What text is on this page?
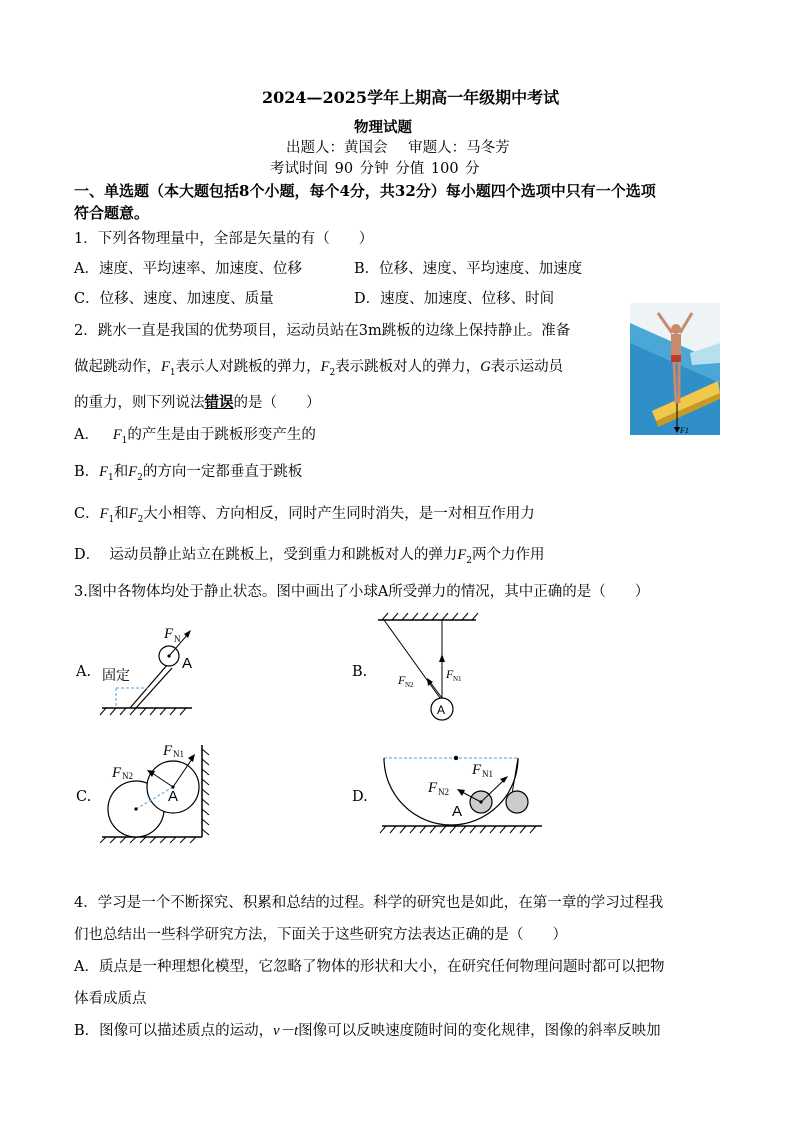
2024—2025学年上期高一年级期中考试
物理试题
出题人：黄国会 审题人：马冬芳
考试时间 90 分钟 分值 100 分
一、单选题（本大题包括8个小题，每个4分，共32分）每小题四个选项中只有一个选项
符合题意。
1．下列各物理量中，全部是矢量的有（　　）
A．速度、平均速率、加速度、位移	B．位移、速度、平均速度、加速度
C．位移、速度、加速度、质量	D．速度、加速度、位移、时间
2．跳水一直是我国的优势项目，运动员站在3m跳板的边缘上保持静止。准备
做起跳动作，$F_1$表示人对跳板的弹力，$F_2$表示跳板对人的弹力，G表示运动员
的重力，则下列说法错误的是（　　）
A． $F_1$的产生是由于跳板形变产生的
B．$F_1$和$F_2$的方向一定都垂直于跳板
C．$F_1$和$F_2$大小相等、方向相反，同时产生同时消失，是一对相互作用力
D． 运动员静止站立在跳板上，受到重力和跳板对人的弹力$F_2$两个力作用
F1
3.图中各物体均处于静止状态。图中画出了小球A所受弹力的情况，其中正确的是（　　）
A.
F N
A
固定	B.
A
F N1
F N2
C.
F N1
F N2
A	D.
F N1
F N2
A
4．学习是一个不断探究、积累和总结的过程。科学的研究也是如此，在第一章的学习过程我
们也总结出一些科学研究方法，下面关于这些研究方法表达正确的是（　　）
A．质点是一种理想化模型，它忽略了物体的形状和大小，在研究任何物理问题时都可以把物
体看成质点
B．图像可以描述质点的运动，v－t图像可以反映速度随时间的变化规律，图像的斜率反映加
